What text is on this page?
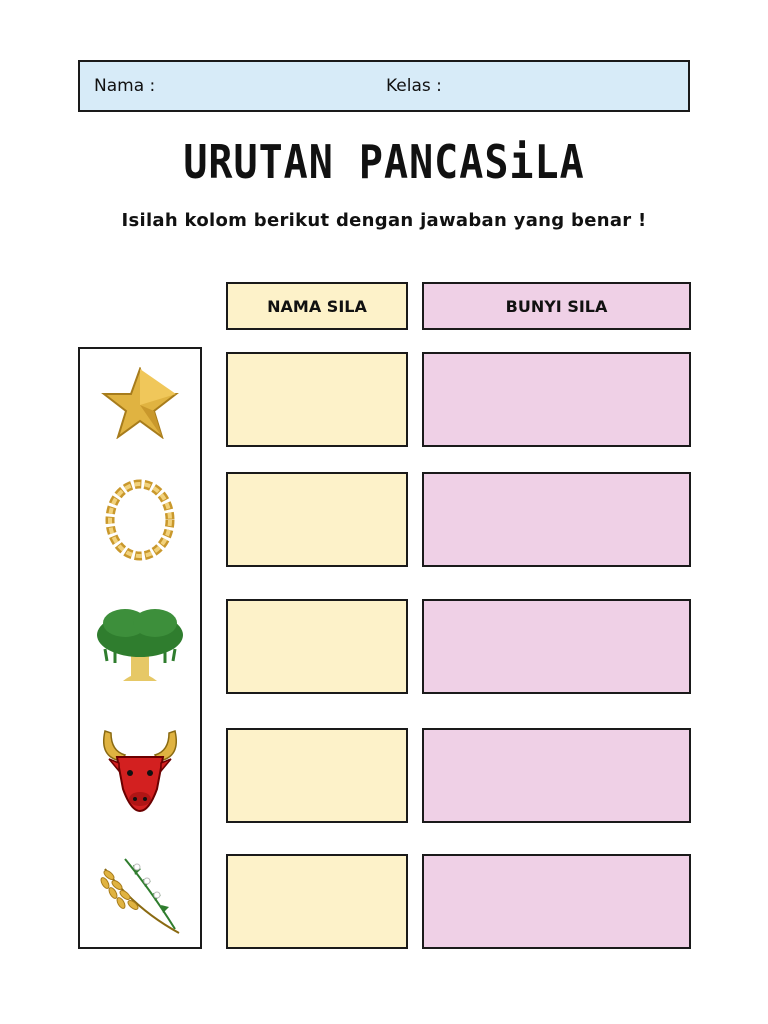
Nama :	Kelas :
URUTAN PANCASiLA
Isilah kolom berikut dengan jawaban yang benar !
NAMA SILA	BUNYI SILA
